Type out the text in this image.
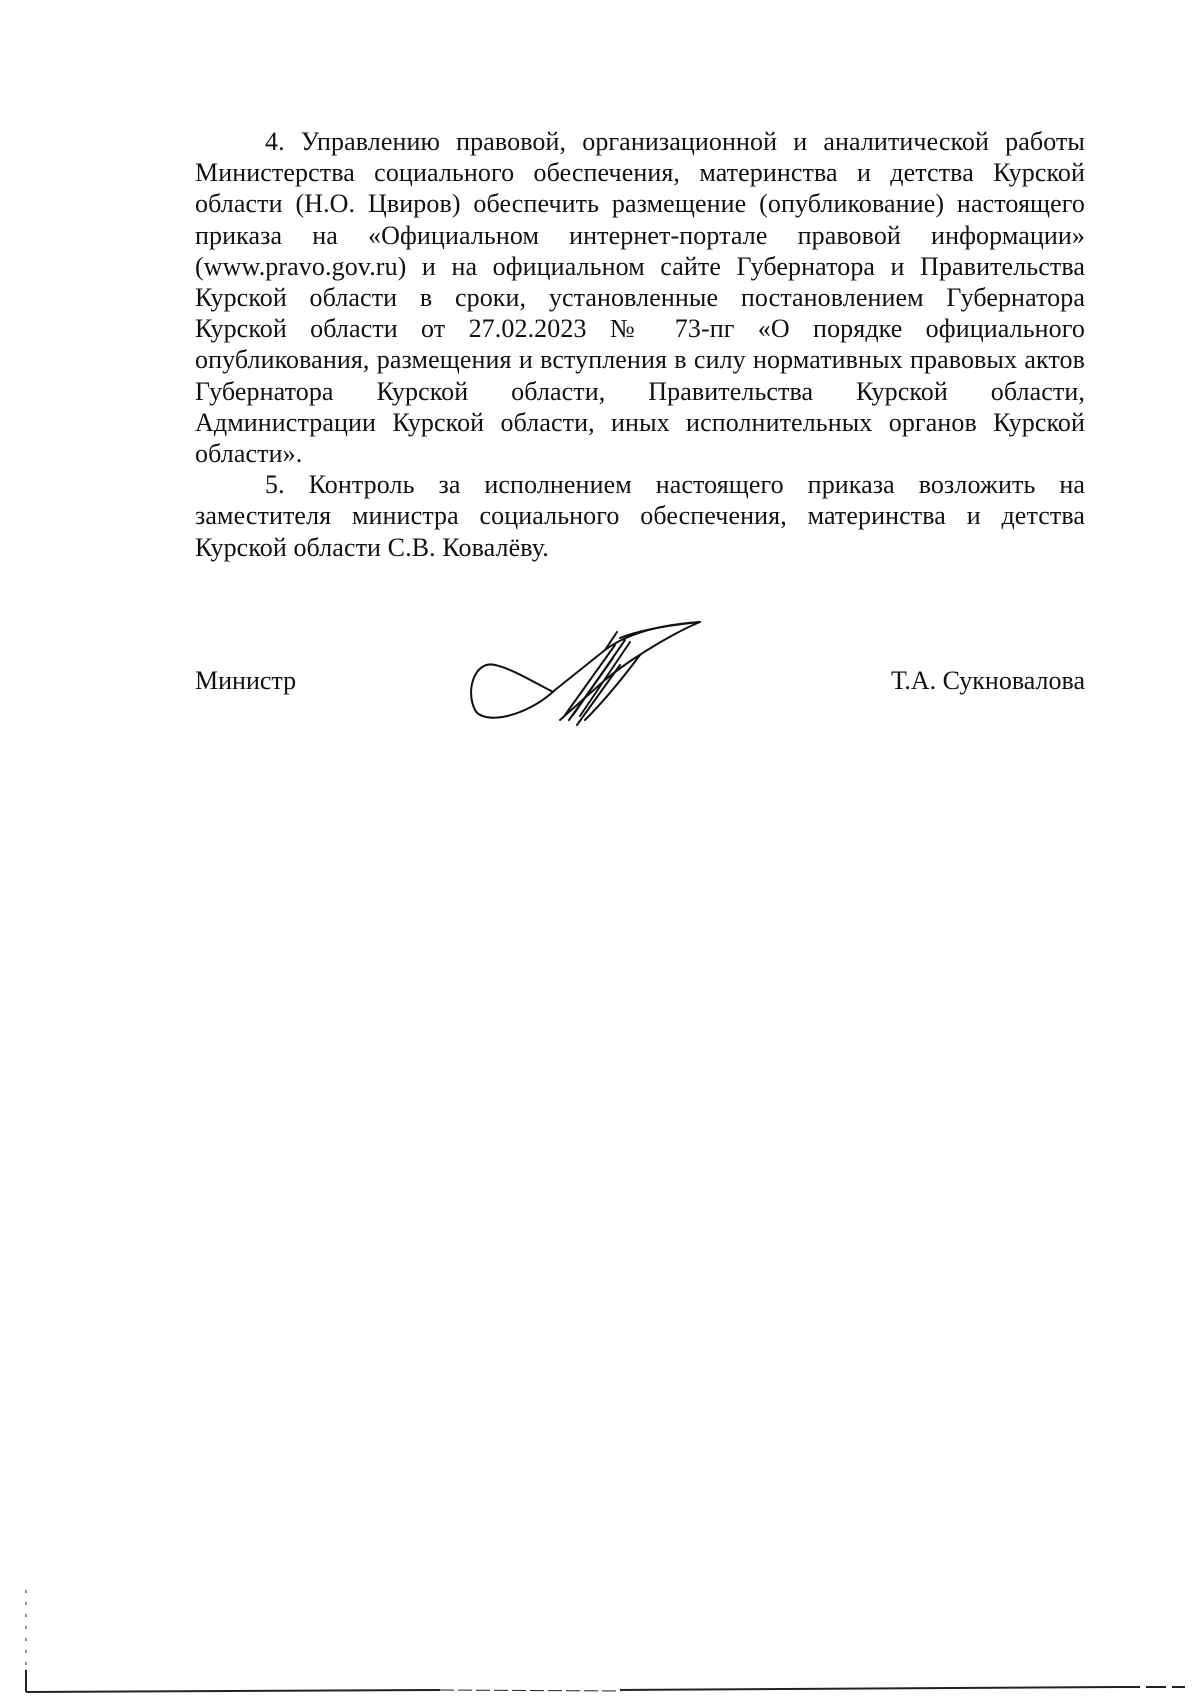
4. Управлению правовой, организационной и аналитической работы Министерства социального обеспечения, материнства и детства Курской области (Н.О. Цвиров) обеспечить размещение (опубликование) настоящего приказа на «Официальном интернет-портале правовой информации» (www.pravo.gov.ru) и на официальном сайте Губернатора и Правительства Курской области в сроки, установленные постановлением Губернатора Курской области от 27.02.2023 № 73-пг «О порядке официального опубликования, размещения и вступления в силу нормативных правовых актов Губернатора Курской области, Правительства Курской области, Администрации Курской области, иных исполнительных органов Курской области».

5. Контроль за исполнением настоящего приказа возложить на заместителя министра социального обеспечения, материнства и детства Курской области С.В. Ковалёву.

Министр	Т.А. Сукновалова
